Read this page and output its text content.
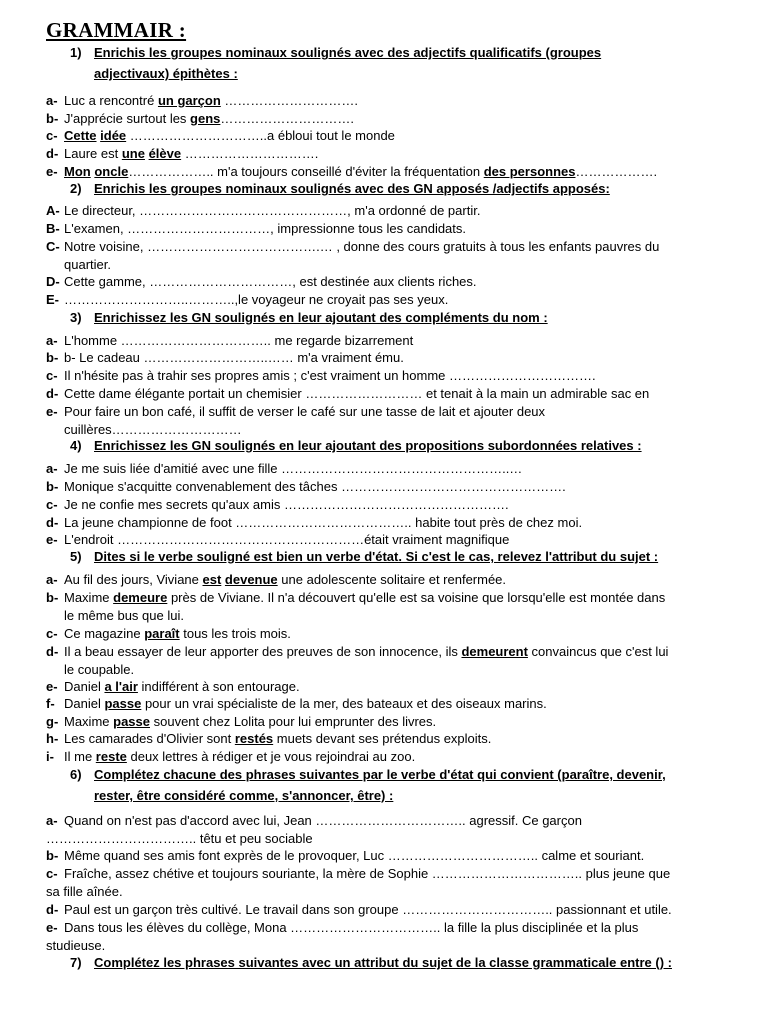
GRAMMAIR :
1) Enrichis les groupes nominaux soulignés avec des adjectifs qualificatifs (groupes
adjectivaux) épithètes :
a- Luc a rencontré un garçon ………………………….
b- J'apprécie surtout les gens………………………….
c- Cette idée …………………………..a ébloui tout le monde
d- Laure est une élève ………………………….
e- Mon oncle……………….. m'a toujours conseillé d'éviter la fréquentation des personnes……………….
2) Enrichis les groupes nominaux soulignés avec des GN apposés /adjectifs apposés:
A- Le directeur, …………………………………………, m'a ordonné de partir.
B- L'examen, ……………………………, impressionne tous les candidats.
C- Notre voisine, ………………………………….… , donne des cours gratuits à tous les enfants pauvres du
quartier.
D- Cette gamme, ……………………………, est destinée aux clients riches.
E- ………………………..………..,le voyageur ne croyait pas ses yeux.
3) Enrichissez les GN soulignés en leur ajoutant des compléments du nom :
a- L'homme …………………………….. me regarde bizarrement
b- b- Le cadeau ………………………..…… m'a vraiment ému.
c- Il n'hésite pas à trahir ses propres amis ; c'est vraiment un homme …………………………….
d- Cette dame élégante portait un chemisier ……………………… et tenait à la main un admirable sac en
e- Pour faire un bon café, il suffit de verser le café sur une tasse de lait et ajouter deux
cuillères…………………………
4) Enrichissez les GN soulignés en leur ajoutant des propositions subordonnées relatives :
a- Je me suis liée d'amitié avec une fille ……………………………………………..…
b- Monique s'acquitte convenablement des tâches …………………………………………….
c- Je ne confie mes secrets qu'aux amis …………………………………………….
d- La jeune championne de foot ………………………………….. habite tout près de chez moi.
e- L'endroit …………………………………………………était vraiment magnifique
5) Dites si le verbe souligné est bien un verbe d'état. Si c'est le cas, relevez l'attribut du sujet :
a- Au fil des jours, Viviane est devenue une adolescente solitaire et renfermée.
b- Maxime demeure près de Viviane. Il n'a découvert qu'elle est sa voisine que lorsqu'elle est montée dans
le même bus que lui.
c- Ce magazine paraît tous les trois mois.
d- Il a beau essayer de leur apporter des preuves de son innocence, ils demeurent convaincus que c'est lui
le coupable.
e- Daniel a l'air indifférent à son entourage.
f- Daniel passe pour un vrai spécialiste de la mer, des bateaux et des oiseaux marins.
g- Maxime passe souvent chez Lolita pour lui emprunter des livres.
h- Les camarades d'Olivier sont restés muets devant ses prétendus exploits.
i- Il me reste deux lettres à rédiger et je vous rejoindrai au zoo.
6) Complétez chacune des phrases suivantes par le verbe d'état qui convient (paraître, devenir,
rester, être considéré comme, s'annoncer, être) :
a- Quand on n'est pas d'accord avec lui, Jean …………………………….. agressif. Ce garçon
…………………………….. têtu et peu sociable
b- Même quand ses amis font exprès de le provoquer, Luc …………………………….. calme et souriant.
c- Fraîche, assez chétive et toujours souriante, la mère de Sophie …………………………….. plus jeune que
sa fille aînée.
d- Paul est un garçon très cultivé. Le travail dans son groupe …………………………….. passionnant et utile.
e- Dans tous les élèves du collège, Mona …………………………….. la fille la plus disciplinée et la plus
studieuse.
7) Complétez les phrases suivantes avec un attribut du sujet de la classe grammaticale entre () :
